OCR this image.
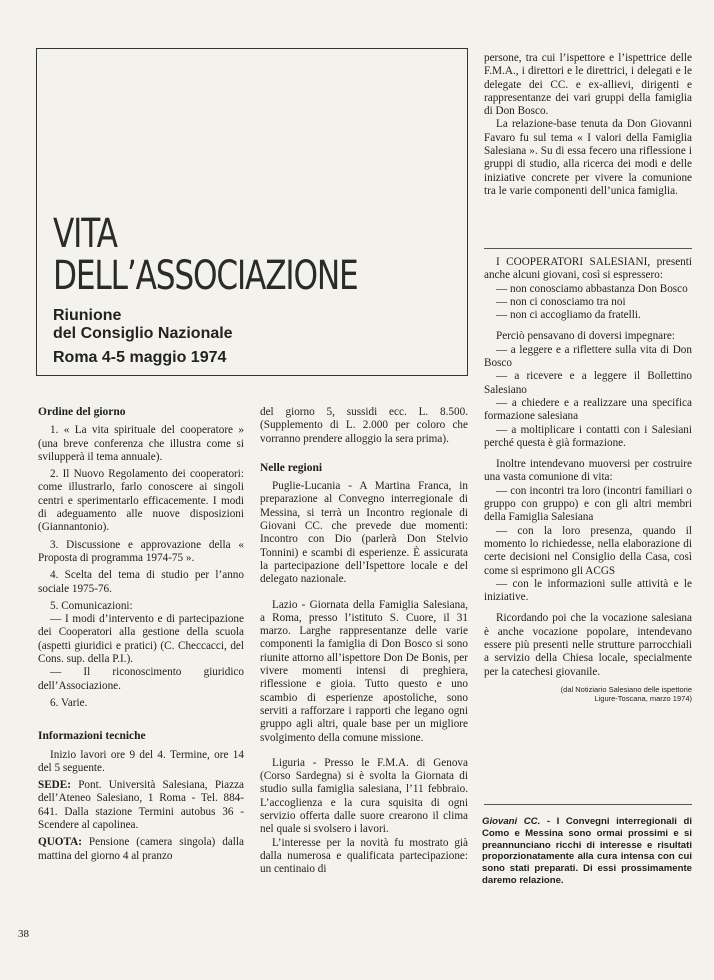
VITA
DELL’ASSOCIAZIONE

Riunione
del Consiglio Nazionale

Roma 4-5 maggio 1974

Ordine del giorno

1. « La vita spirituale del cooperatore » (una breve conferenza che illustra come si svilupperà il tema annuale).

2. Il Nuovo Regolamento dei cooperatori: come illustrarlo, farlo conoscere ai singoli centri e sperimentarlo efficacemente. I modi di adeguamento alle nuove disposizioni (Giannantonio).

3. Discussione e approvazione della « Proposta di programma 1974-75 ».

4. Scelta del tema di studio per l’anno sociale 1975-76.

5. Comunicazioni:

— I modi d’intervento e di partecipazione dei Cooperatori alla gestione della scuola (aspetti giuridici e pratici) (C. Checcacci, del Cons. sup. della P.I.).

— Il riconoscimento giuridico dell’Associazione.

6. Varie.

Informazioni tecniche

Inizio lavori ore 9 del 4. Termine, ore 14 del 5 seguente.

SEDE: Pont. Università Salesiana, Piazza dell’Ateneo Salesiano, 1 Roma - Tel. 884-641. Dalla stazione Termini autobus 36 - Scendere al capolinea.

QUOTA: Pensione (camera singola) dalla mattina del giorno 4 al pranzo

del giorno 5, sussidi ecc. L. 8.500. (Supplemento di L. 2.000 per coloro che vorranno prendere alloggio la sera prima).

Nelle regioni

Puglie-Lucania - A Martina Franca, in preparazione al Convegno interregionale di Messina, si terrà un Incontro regionale di Giovani CC. che prevede due momenti: Incontro con Dio (parlerà Don Stelvio Tonnini) e scambi di esperienze. È assicurata la partecipazione dell’Ispettore locale e del delegato nazionale.

Lazio - Giornata della Famiglia Salesiana, a Roma, presso l’istituto S. Cuore, il 31 marzo. Larghe rappresentanze delle varie componenti la famiglia di Don Bosco si sono riunite attorno all’ispettore Don De Bonis, per vivere momenti intensi di preghiera, riflessione e gioia. Tutto questo e uno scambio di esperienze apostoliche, sono serviti a rafforzare i rapporti che legano ogni gruppo agli altri, quale base per un migliore svolgimento della comune missione.

Liguria - Presso le F.M.A. di Genova (Corso Sardegna) si è svolta la Giornata di studio sulla famiglia salesiana, l’11 febbraio. L’accoglienza e la cura squisita di ogni servizio offerta dalle suore crearono il clima nel quale si svolsero i lavori.

L’interesse per la novità fu mostrato già dalla numerosa e qualificata partecipazione: un centinaio di

persone, tra cui l’ispettore e l’ispettrice delle F.M.A., i direttori e le direttrici, i delegati e le delegate dei CC. e ex-allievi, dirigenti e rappresentanze dei vari gruppi della famiglia di Don Bosco.

La relazione-base tenuta da Don Giovanni Favaro fu sul tema « I valori della Famiglia Salesiana ». Su di essa fecero una riflessione i gruppi di studio, alla ricerca dei modi e delle iniziative concrete per vivere la comunione tra le varie componenti dell’unica famiglia.

I COOPERATORI SALESIANI, presenti anche alcuni giovani, così si espressero:

— non conosciamo abbastanza Don Bosco

— non ci conosciamo tra noi

— non ci accogliamo da fratelli.

Perciò pensavano di doversi impegnare:

— a leggere e a riflettere sulla vita di Don Bosco

— a ricevere e a leggere il Bollettino Salesiano

— a chiedere e a realizzare una specifica formazione salesiana

— a moltiplicare i contatti con i Salesiani perché questa è già formazione.

Inoltre intendevano muoversi per costruire una vasta comunione di vita:

— con incontri tra loro (incontri familiari o gruppo con gruppo) e con gli altri membri della Famiglia Salesiana

— con la loro presenza, quando il momento lo richiedesse, nella elaborazione di certe decisioni nel Consiglio della Casa, così come si esprimono gli ACGS

— con le informazioni sulle attività e le iniziative.

Ricordando poi che la vocazione salesiana è anche vocazione popolare, intendevano essere più presenti nelle strutture parrocchiali a servizio della Chiesa locale, specialmente per la catechesi giovanile.

(dal Notiziario Salesiano delle ispettorie
Ligure-Toscana, marzo 1974)
Giovani CC. - I Convegni interregionali di Como e Messina sono ormai prossimi e si preannunciano ricchi di interesse e risultati proporzionatamente alla cura intensa con cui sono stati preparati. Di essi prossimamente daremo relazione.
38
